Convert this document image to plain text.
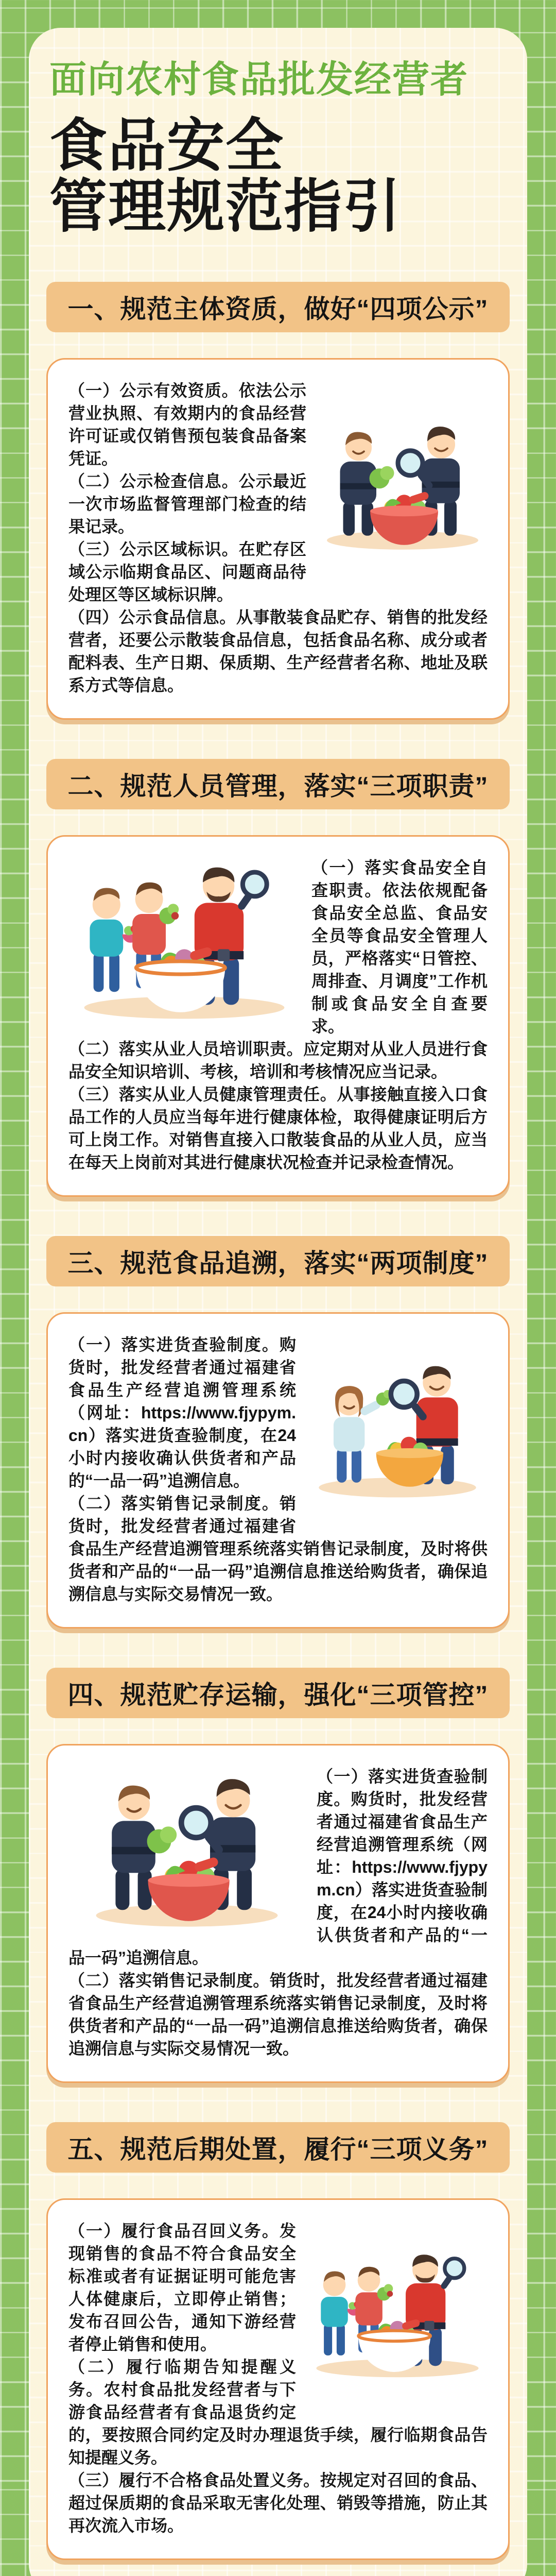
面向农村食品批发经营者
食品安全
管理规范指引
一、规范主体资质，做好“四项公示”

（一）公示有效资质。依法公示营业执照、有效期内的食品经营许可证或仅销售预包装食品备案凭证。

（二）公示检查信息。公示最近一次市场监督管理部门检查的结果记录。

（三）公示区域标识。在贮存区域公示临期食品区、问题商品待处理区等区域标识牌。

（四）公示食品信息。从事散装食品贮存、销售的批发经营者，还要公示散装食品信息，包括食品名称、成分或者配料表、生产日期、保质期、生产经营者名称、地址及联系方式等信息。

二、规范人员管理，落实“三项职责”

（一）落实食品安全自查职责。依法依规配备食品安全总监、食品安全员等食品安全管理人员，严格落实“日管控、周排查、月调度”工作机制或食品安全自查要求。

（二）落实从业人员培训职责。应定期对从业人员进行食品安全知识培训、考核，培训和考核情况应当记录。

（三）落实从业人员健康管理责任。从事接触直接入口食品工作的人员应当每年进行健康体检，取得健康证明后方可上岗工作。对销售直接入口散装食品的从业人员，应当在每天上岗前对其进行健康状况检查并记录检查情况。

三、规范食品追溯，落实“两项制度”

（一）落实进货查验制度。购货时，批发经营者通过福建省食品生产经营追溯管理系统（网址：https://www.fjypym.cn）落实进货查验制度，在24小时内接收确认供货者和产品的“一品一码”追溯信息。

（二）落实销售记录制度。销货时，批发经营者通过福建省食品生产经营追溯管理系统落实销售记录制度，及时将供货者和产品的“一品一码”追溯信息推送给购货者，确保追溯信息与实际交易情况一致。

四、规范贮存运输，强化“三项管控”

（一）落实进货查验制度。购货时，批发经营者通过福建省食品生产经营追溯管理系统（网址：https://www.fjypym.cn）落实进货查验制度，在24小时内接收确认供货者和产品的“一品一码”追溯信息。

（二）落实销售记录制度。销货时，批发经营者通过福建省食品生产经营追溯管理系统落实销售记录制度，及时将供货者和产品的“一品一码”追溯信息推送给购货者，确保追溯信息与实际交易情况一致。

五、规范后期处置，履行“三项义务”

（一）履行食品召回义务。发现销售的食品不符合食品安全标准或者有证据证明可能危害人体健康后，立即停止销售；发布召回公告，通知下游经营者停止销售和使用。

（二）履行临期告知提醒义务。农村食品批发经营者与下游食品经营者有食品退货约定的，要按照合同约定及时办理退货手续，履行临期食品告知提醒义务。

（三）履行不合格食品处置义务。按规定对召回的食品、超过保质期的食品采取无害化处理、销毁等措施，防止其再次流入市场。
